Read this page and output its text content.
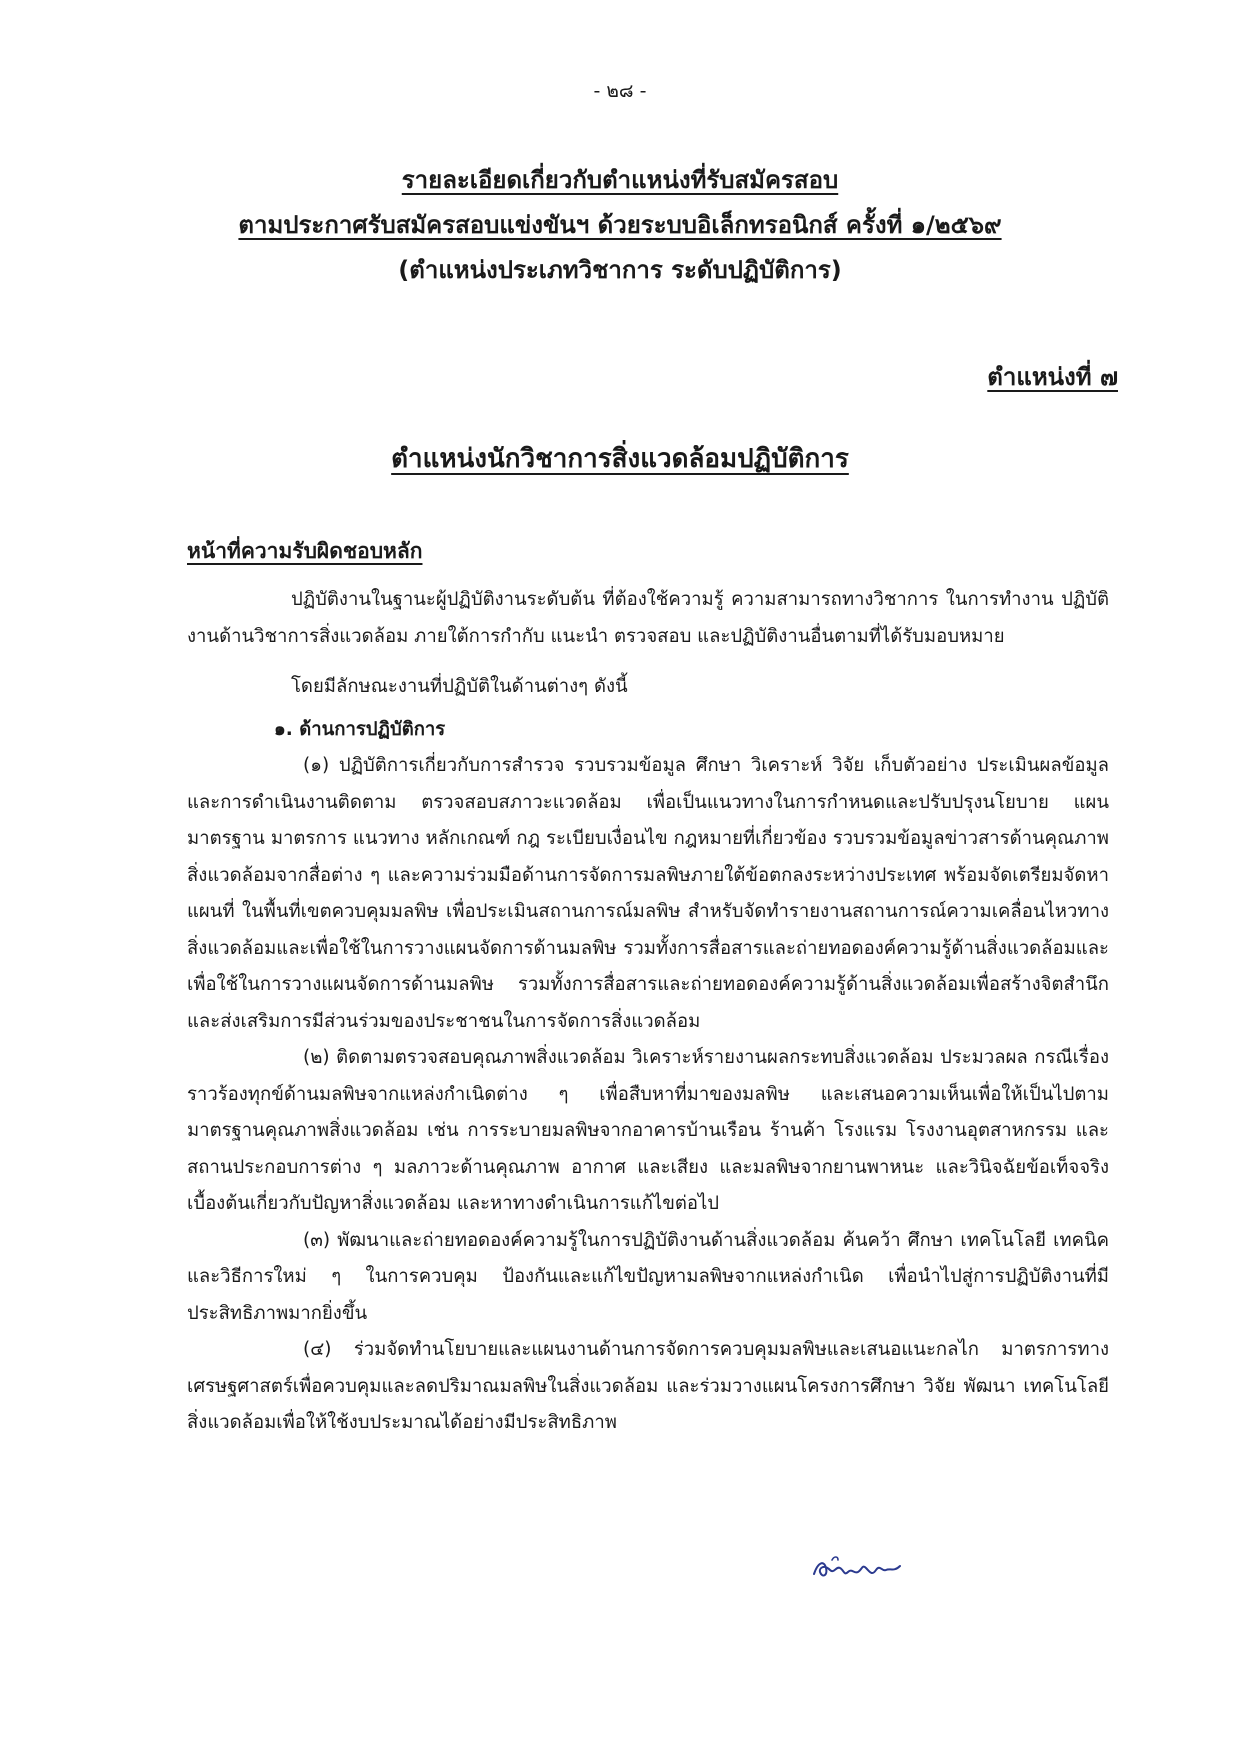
- ๒๘ -
รายละเอียดเกี่ยวกับตำแหน่งที่รับสมัครสอบ
ตามประกาศรับสมัครสอบแข่งขันฯ ด้วยระบบอิเล็กทรอนิกส์ ครั้งที่ ๑/๒๕๖๙
(ตำแหน่งประเภทวิชาการ ระดับปฏิบัติการ)
ตำแหน่งที่ ๗
ตำแหน่งนักวิชาการสิ่งแวดล้อมปฏิบัติการ
หน้าที่ความรับผิดชอบหลัก

ปฏิบัติงานในฐานะผู้ปฏิบัติงานระดับต้น ที่ต้องใช้ความรู้ ความสามารถทางวิชาการ ในการทำงาน ปฏิบัติงานด้านวิชาการสิ่งแวดล้อม ภายใต้การกำกับ แนะนำ ตรวจสอบ และปฏิบัติงานอื่นตามที่ได้รับมอบหมาย

โดยมีลักษณะงานที่ปฏิบัติในด้านต่างๆ ดังนี้

๑. ด้านการปฏิบัติการ

(๑) ปฏิบัติการเกี่ยวกับการสำรวจ รวบรวมข้อมูล ศึกษา วิเคราะห์ วิจัย เก็บตัวอย่าง ประเมินผลข้อมูลและการดำเนินงานติดตาม ตรวจสอบสภาวะแวดล้อม เพื่อเป็นแนวทางในการกำหนดและปรับปรุงนโยบาย แผน มาตรฐาน มาตรการ แนวทาง หลักเกณฑ์ กฎ ระเบียบเงื่อนไข กฎหมายที่เกี่ยวข้อง รวบรวมข้อมูลข่าวสารด้านคุณภาพสิ่งแวดล้อมจากสื่อต่าง ๆ และความร่วมมือด้านการจัดการมลพิษภายใต้ข้อตกลงระหว่างประเทศ พร้อมจัดเตรียมจัดหาแผนที่ ในพื้นที่เขตควบคุมมลพิษ เพื่อประเมินสถานการณ์มลพิษ สำหรับจัดทำรายงานสถานการณ์ความเคลื่อนไหวทางสิ่งแวดล้อมและเพื่อใช้ในการวางแผนจัดการด้านมลพิษ รวมทั้งการสื่อสารและถ่ายทอดองค์ความรู้ด้านสิ่งแวดล้อมและเพื่อใช้ในการวางแผนจัดการด้านมลพิษ รวมทั้งการสื่อสารและถ่ายทอดองค์ความรู้ด้านสิ่งแวดล้อมเพื่อสร้างจิตสำนึกและส่งเสริมการมีส่วนร่วมของประชาชนในการจัดการสิ่งแวดล้อม

(๒) ติดตามตรวจสอบคุณภาพสิ่งแวดล้อม วิเคราะห์รายงานผลกระทบสิ่งแวดล้อม ประมวลผล กรณีเรื่องราวร้องทุกข์ด้านมลพิษจากแหล่งกำเนิดต่าง ๆ เพื่อสืบหาที่มาของมลพิษ และเสนอความเห็นเพื่อให้เป็นไปตามมาตรฐานคุณภาพสิ่งแวดล้อม เช่น การระบายมลพิษจากอาคารบ้านเรือน ร้านค้า โรงแรม โรงงานอุตสาหกรรม และสถานประกอบการต่าง ๆ มลภาวะด้านคุณภาพ อากาศ และเสียง และมลพิษจากยานพาหนะ และวินิจฉัยข้อเท็จจริงเบื้องต้นเกี่ยวกับปัญหาสิ่งแวดล้อม และหาทางดำเนินการแก้ไขต่อไป

(๓) พัฒนาและถ่ายทอดองค์ความรู้ในการปฏิบัติงานด้านสิ่งแวดล้อม ค้นคว้า ศึกษา เทคโนโลยี เทคนิคและวิธีการใหม่ ๆ ในการควบคุม ป้องกันและแก้ไขปัญหามลพิษจากแหล่งกำเนิด เพื่อนำไปสู่การปฏิบัติงานที่มีประสิทธิภาพมากยิ่งขึ้น

(๔) ร่วมจัดทำนโยบายและแผนงานด้านการจัดการควบคุมมลพิษและเสนอแนะกลไก มาตรการทางเศรษฐศาสตร์เพื่อควบคุมและลดปริมาณมลพิษในสิ่งแวดล้อม และร่วมวางแผนโครงการศึกษา วิจัย พัฒนา เทคโนโลยีสิ่งแวดล้อมเพื่อให้ใช้งบประมาณได้อย่างมีประสิทธิภาพ
